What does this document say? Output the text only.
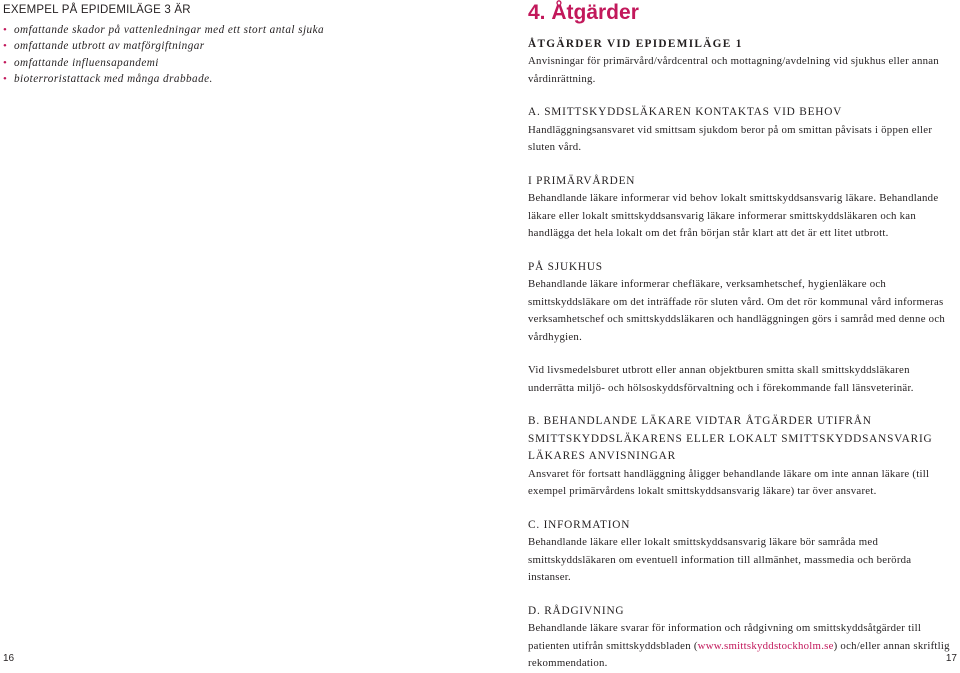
EXEMPEL PÅ EPIDEMILÄGE 3 ÄR
• omfattande skador på vattenledningar med ett stort antal sjuka
• omfattande utbrott av matförgiftningar
• omfattande influensapandemi
• bioterroristattack med många drabbade.
4. Åtgärder
ÅTGÄRDER VID EPIDEMILÄGE 1

Anvisningar för primärvård/vårdcentral och mottagning/avdelning vid sjukhus eller annan vårdinrättning.

A. SMITTSKYDDSLÄKAREN KONTAKTAS VID BEHOV

Handläggningsansvaret vid smittsam sjukdom beror på om smittan påvisats i öppen eller sluten vård.

I PRIMÄRVÅRDEN

Behandlande läkare informerar vid behov lokalt smittskyddsansvarig läkare. Behandlande läkare eller lokalt smittskyddsansvarig läkare informerar smittskyddsläkaren och kan handlägga det hela lokalt om det från början står klart att det är ett litet utbrott.

PÅ SJUKHUS

Behandlande läkare informerar chefläkare, verksamhetschef, hygienläkare och smittskyddsläkare om det inträffade rör sluten vård. Om det rör kommunal vård informeras verksamhetschef och smittskyddsläkaren och handläggningen görs i samråd med denne och vårdhygien.

Vid livsmedelsburet utbrott eller annan objektburen smitta skall smittskyddsläkaren underrätta miljö- och hölsoskyddsförvaltning och i förekommande fall länsveterinär.

B. BEHANDLANDE LÄKARE VIDTAR ÅTGÄRDER UTIFRÅN SMITTSKYDDSLÄKARENS ELLER LOKALT SMITTSKYDDSANSVARIG LÄKARES ANVISNINGAR

Ansvaret för fortsatt handläggning åligger behandlande läkare om inte annan läkare (till exempel primärvårdens lokalt smittskyddsansvarig läkare) tar över ansvaret.

C. INFORMATION

Behandlande läkare eller lokalt smittskyddsansvarig läkare bör samråda med smittskyddsläkaren om eventuell information till allmänhet, massmedia och berörda instanser.

D. RÅDGIVNING

Behandlande läkare svarar för information och rådgivning om smittskyddsåtgärder till patienten utifrån smittskyddsbladen (www.smittskyddstockholm.se) och/eller annan skriftlig rekommendation.

16	17
